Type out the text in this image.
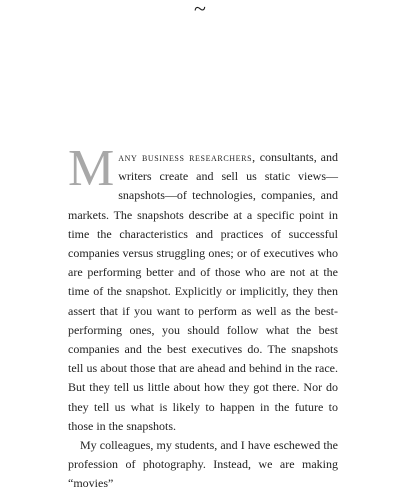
~

Many business researchers, consultants, and writers create and sell us static views—snapshots—of technologies, companies, and markets. The snapshots describe at a specific point in time the characteristics and practices of successful companies versus struggling ones; or of executives who are performing better and of those who are not at the time of the snapshot. Explicitly or implicitly, they then assert that if you want to perform as well as the best-performing ones, you should follow what the best companies and the best executives do. The snapshots tell us about those that are ahead and behind in the race. But they tell us little about how they got there. Nor do they tell us what is likely to happen in the future to those in the snapshots.

My colleagues, my students, and I have eschewed the profession of photography. Instead, we are making “movies”
